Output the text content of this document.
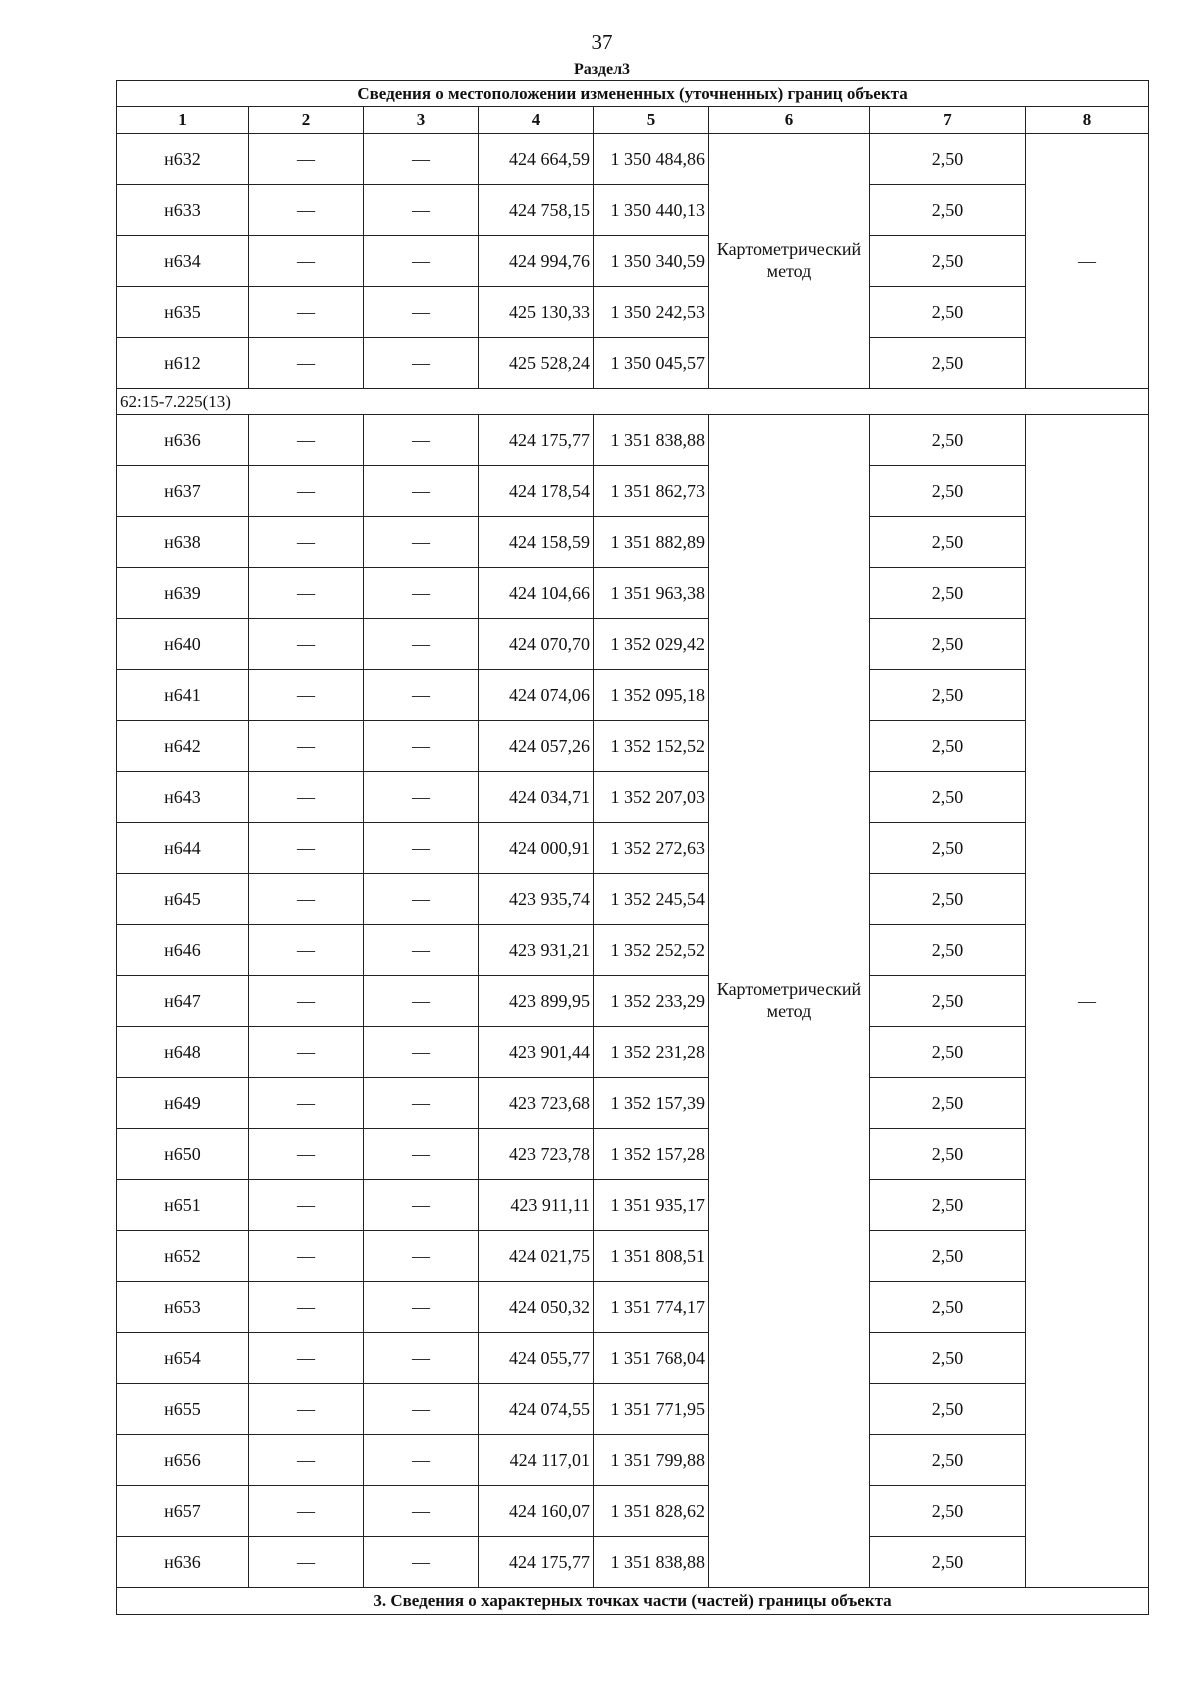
37
Раздел3
Сведения о местоположении измененных (уточненных) границ объекта							
1	2	3	4	5	6	7	8
н632	—	—	424 664,59	1 350 484,86	Картометрический метод	2,50	—
н633	—	—	424 758,15	1 350 440,13		2,50	
н634	—	—	424 994,76	1 350 340,59		2,50	
н635	—	—	425 130,33	1 350 242,53		2,50	
н612	—	—	425 528,24	1 350 045,57		2,50	
62:15-7.225(13)							
н636	—	—	424 175,77	1 351 838,88	Картометрический метод	2,50	—
н637	—	—	424 178,54	1 351 862,73		2,50	
н638	—	—	424 158,59	1 351 882,89		2,50	
н639	—	—	424 104,66	1 351 963,38		2,50	
н640	—	—	424 070,70	1 352 029,42		2,50	
н641	—	—	424 074,06	1 352 095,18		2,50	
н642	—	—	424 057,26	1 352 152,52		2,50	
н643	—	—	424 034,71	1 352 207,03		2,50	
н644	—	—	424 000,91	1 352 272,63		2,50	
н645	—	—	423 935,74	1 352 245,54		2,50	
н646	—	—	423 931,21	1 352 252,52		2,50	
н647	—	—	423 899,95	1 352 233,29		2,50	
н648	—	—	423 901,44	1 352 231,28		2,50	
н649	—	—	423 723,68	1 352 157,39		2,50	
н650	—	—	423 723,78	1 352 157,28		2,50	
н651	—	—	423 911,11	1 351 935,17		2,50	
н652	—	—	424 021,75	1 351 808,51		2,50	
н653	—	—	424 050,32	1 351 774,17		2,50	
н654	—	—	424 055,77	1 351 768,04		2,50	
н655	—	—	424 074,55	1 351 771,95		2,50	
н656	—	—	424 117,01	1 351 799,88		2,50	
н657	—	—	424 160,07	1 351 828,62		2,50	
н636	—	—	424 175,77	1 351 838,88		2,50	
3. Сведения о характерных точках части (частей) границы объекта							
